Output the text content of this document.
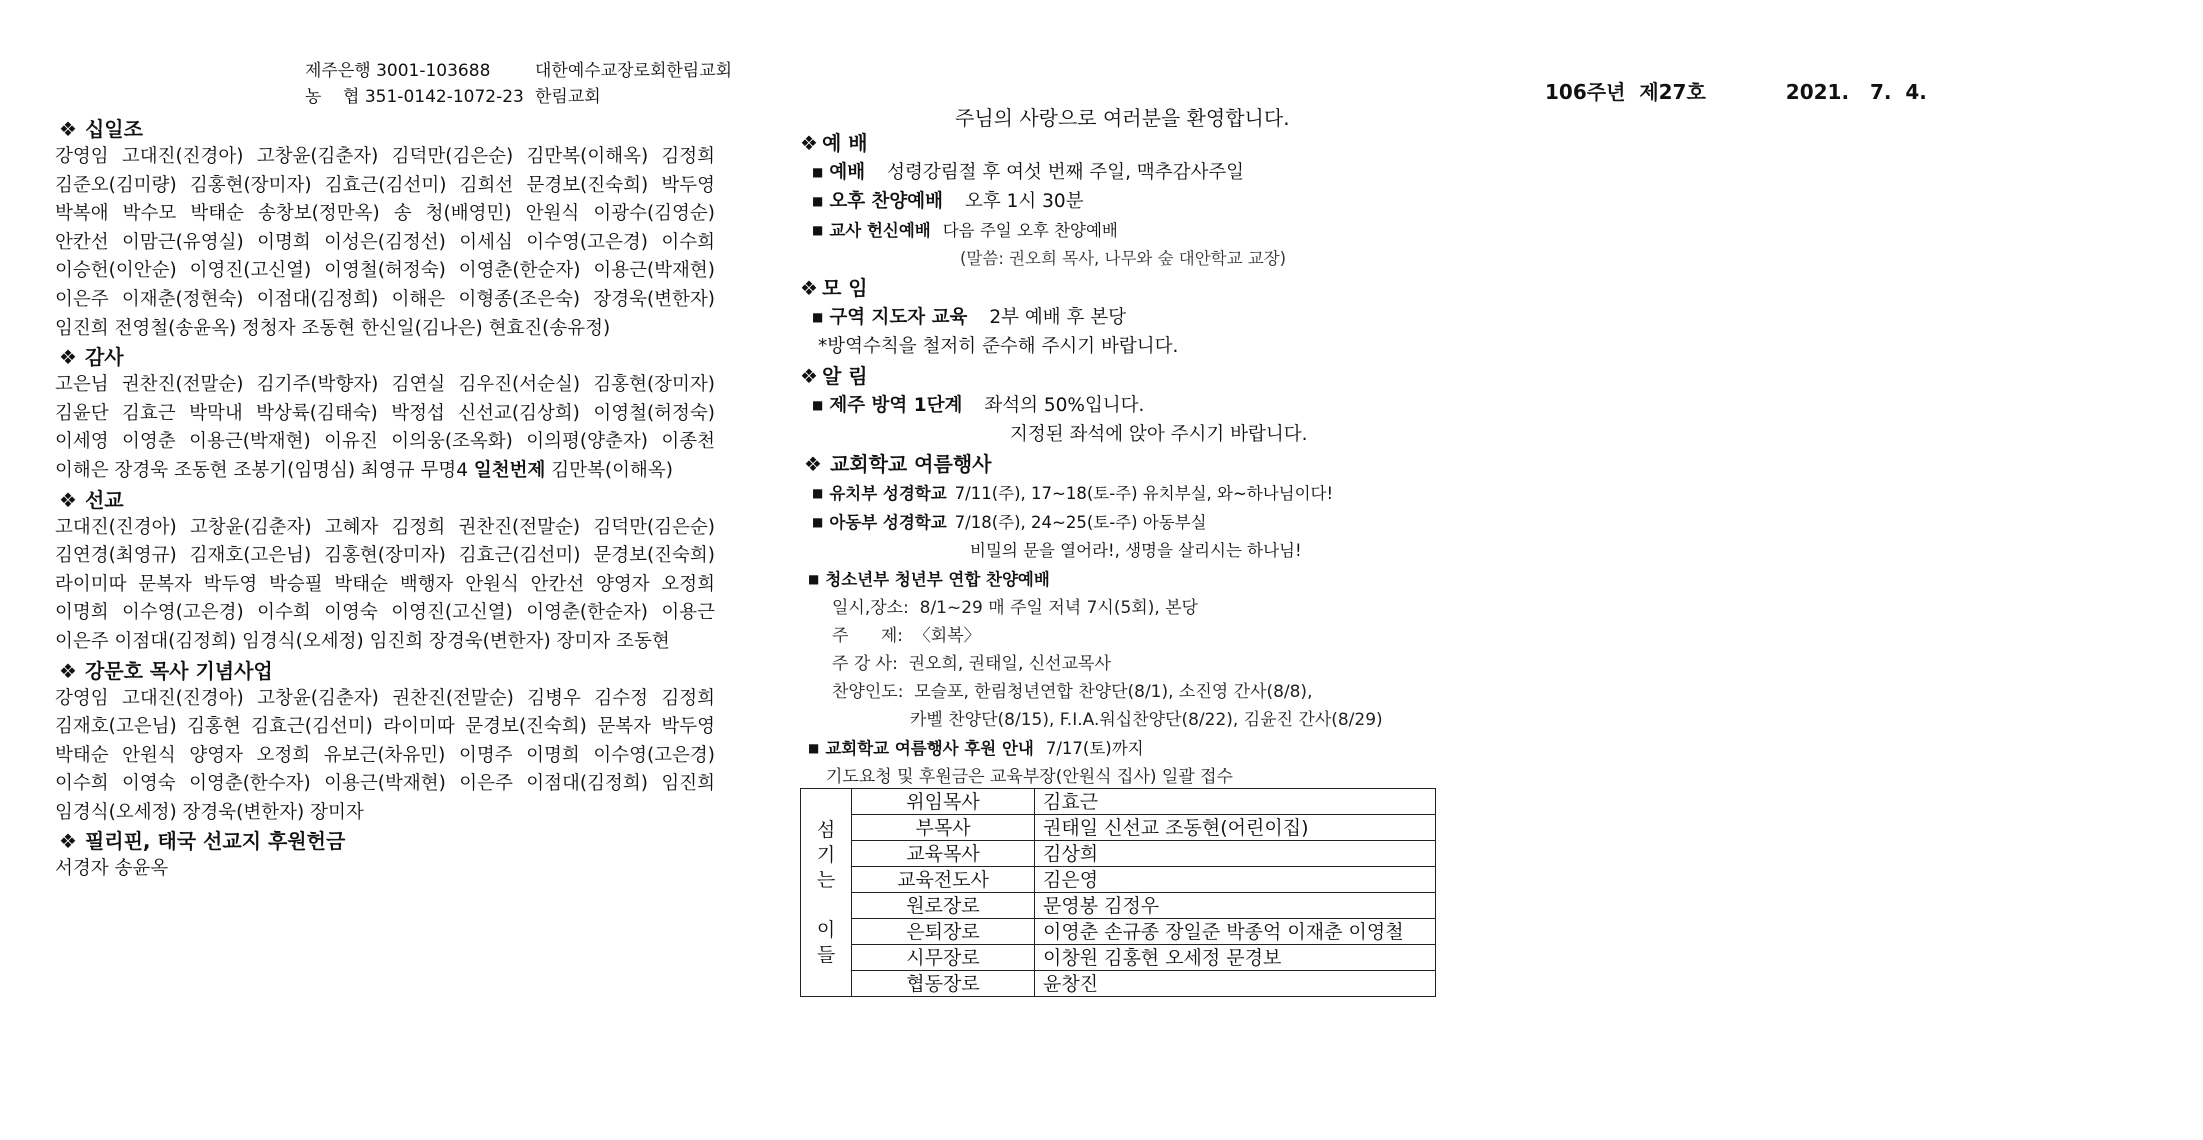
제주은행 3001-103688	대한예수교장로회한림교회
농    협 351-0142-1072-23 한림교회	106주년  제27호	2021.   7.  4.
주님의 사랑으로 여러분을 환영합니다.
❖ 십일조
강영임 고대진(진경아) 고창윤(김춘자) 김덕만(김은순) 김만복(이해옥) 김정희
김준오(김미량) 김홍현(장미자) 김효근(김선미) 김희선 문경보(진숙희) 박두영
박복애 박수모 박태순 송창보(정만옥) 송 청(배영민) 안원식 이광수(김영순)
안칸선 이맘근(유영실) 이명희 이성은(김정선) 이세심 이수영(고은경) 이수희
이승헌(이안순) 이영진(고신열) 이영철(허정숙) 이영춘(한순자) 이용근(박재현)
이은주 이재춘(정현숙) 이점대(김정희) 이해은 이형종(조은숙) 장경욱(변한자)
임진희 전영철(송윤옥) 정청자 조동현 한신일(김나은) 현효진(송유정)
❖ 감사
고은님 권찬진(전말순) 김기주(박향자) 김연실 김우진(서순실) 김홍현(장미자)
김윤단 김효근 박막내 박상륙(김태숙) 박정섭 신선교(김상희) 이영철(허정숙)
이세영 이영춘 이용근(박재현) 이유진 이의웅(조옥화) 이의평(양춘자) 이종천
이해은 장경욱 조동현 조봉기(임명심) 최영규 무명4 일천번제 김만복(이해옥)
❖ 선교
고대진(진경아) 고창윤(김춘자) 고혜자 김정희 권찬진(전말순) 김덕만(김은순)
김연경(최영규) 김재호(고은님) 김홍현(장미자) 김효근(김선미) 문경보(진숙희)
라이미따 문복자 박두영 박승필 박태순 백행자 안원식 안칸선 양영자 오정희
이명희 이수영(고은경) 이수희 이영숙 이영진(고신열) 이영춘(한순자) 이용근
이은주 이점대(김정희) 임경식(오세정) 임진희 장경욱(변한자) 장미자 조동현
❖ 강문호 목사 기념사업
강영임 고대진(진경아) 고창윤(김춘자) 권찬진(전말순) 김병우 김수정 김정희
김재호(고은님) 김홍현 김효근(김선미) 라이미따 문경보(진숙희) 문복자 박두영
박태순 안원식 양영자 오정희 유보근(차유민) 이명주 이명희 이수영(고은경)
이수희 이영숙 이영춘(한수자) 이용근(박재현) 이은주 이점대(김정희) 임진희
임경식(오세정) 장경욱(변한자) 장미자
❖ 필리핀, 태국 선교지 후원헌금
서경자 송윤옥
❖ 예 배
■ 예배 성령강림절 후 여섯 번째 주일, 맥추감사주일
■ 오후 찬양예배 오후 1시 30분
■ 교사 헌신예배 다음 주일 오후 찬양예배
(말씀: 권오희 목사, 나무와 숲 대안학교 교장)
❖ 모 임
■ 구역 지도자 교육 2부 예배 후 본당
*방역수칙을 철저히 준수해 주시기 바랍니다.
❖ 알 림
■ 제주 방역 1단계 좌석의 50%입니다.
지정된 좌석에 앉아 주시기 바랍니다.
❖ 교회학교 여름행사
■ 유치부 성경학교 7/11(주), 17~18(토-주) 유치부실, 와~하나님이다!
■ 아동부 성경학교 7/18(주), 24~25(토-주) 아동부실
비밀의 문을 열어라!, 생명을 살리시는 하나님!
■ 청소년부 청년부 연합 찬양예배
일시,장소:  8/1~29 매 주일 저녁 7시(5회), 본당
주      제:  〈회복〉
주 강 사:  권오희, 권태일, 신선교목사
찬양인도:  모슬포, 한림청년연합 찬양단(8/1), 소진영 간사(8/8),
카벨 찬양단(8/15), F.I.A.워십찬양단(8/22), 김윤진 간사(8/29)
■ 교회학교 여름행사 후원 안내 7/17(토)까지
기도요청 및 후원금은 교육부장(안원식 집사) 일괄 접수
섬
기
는
이
들	위임목사	김효근
	부목사	권태일 신선교 조동현(어린이집)
	교육목사	김상희
	교육전도사	김은영
	원로장로	문영봉 김정우
	은퇴장로	이영춘 손규종 장일준 박종억 이재춘 이영철
	시무장로	이창원 김홍현 오세정 문경보
	협동장로	윤창진
